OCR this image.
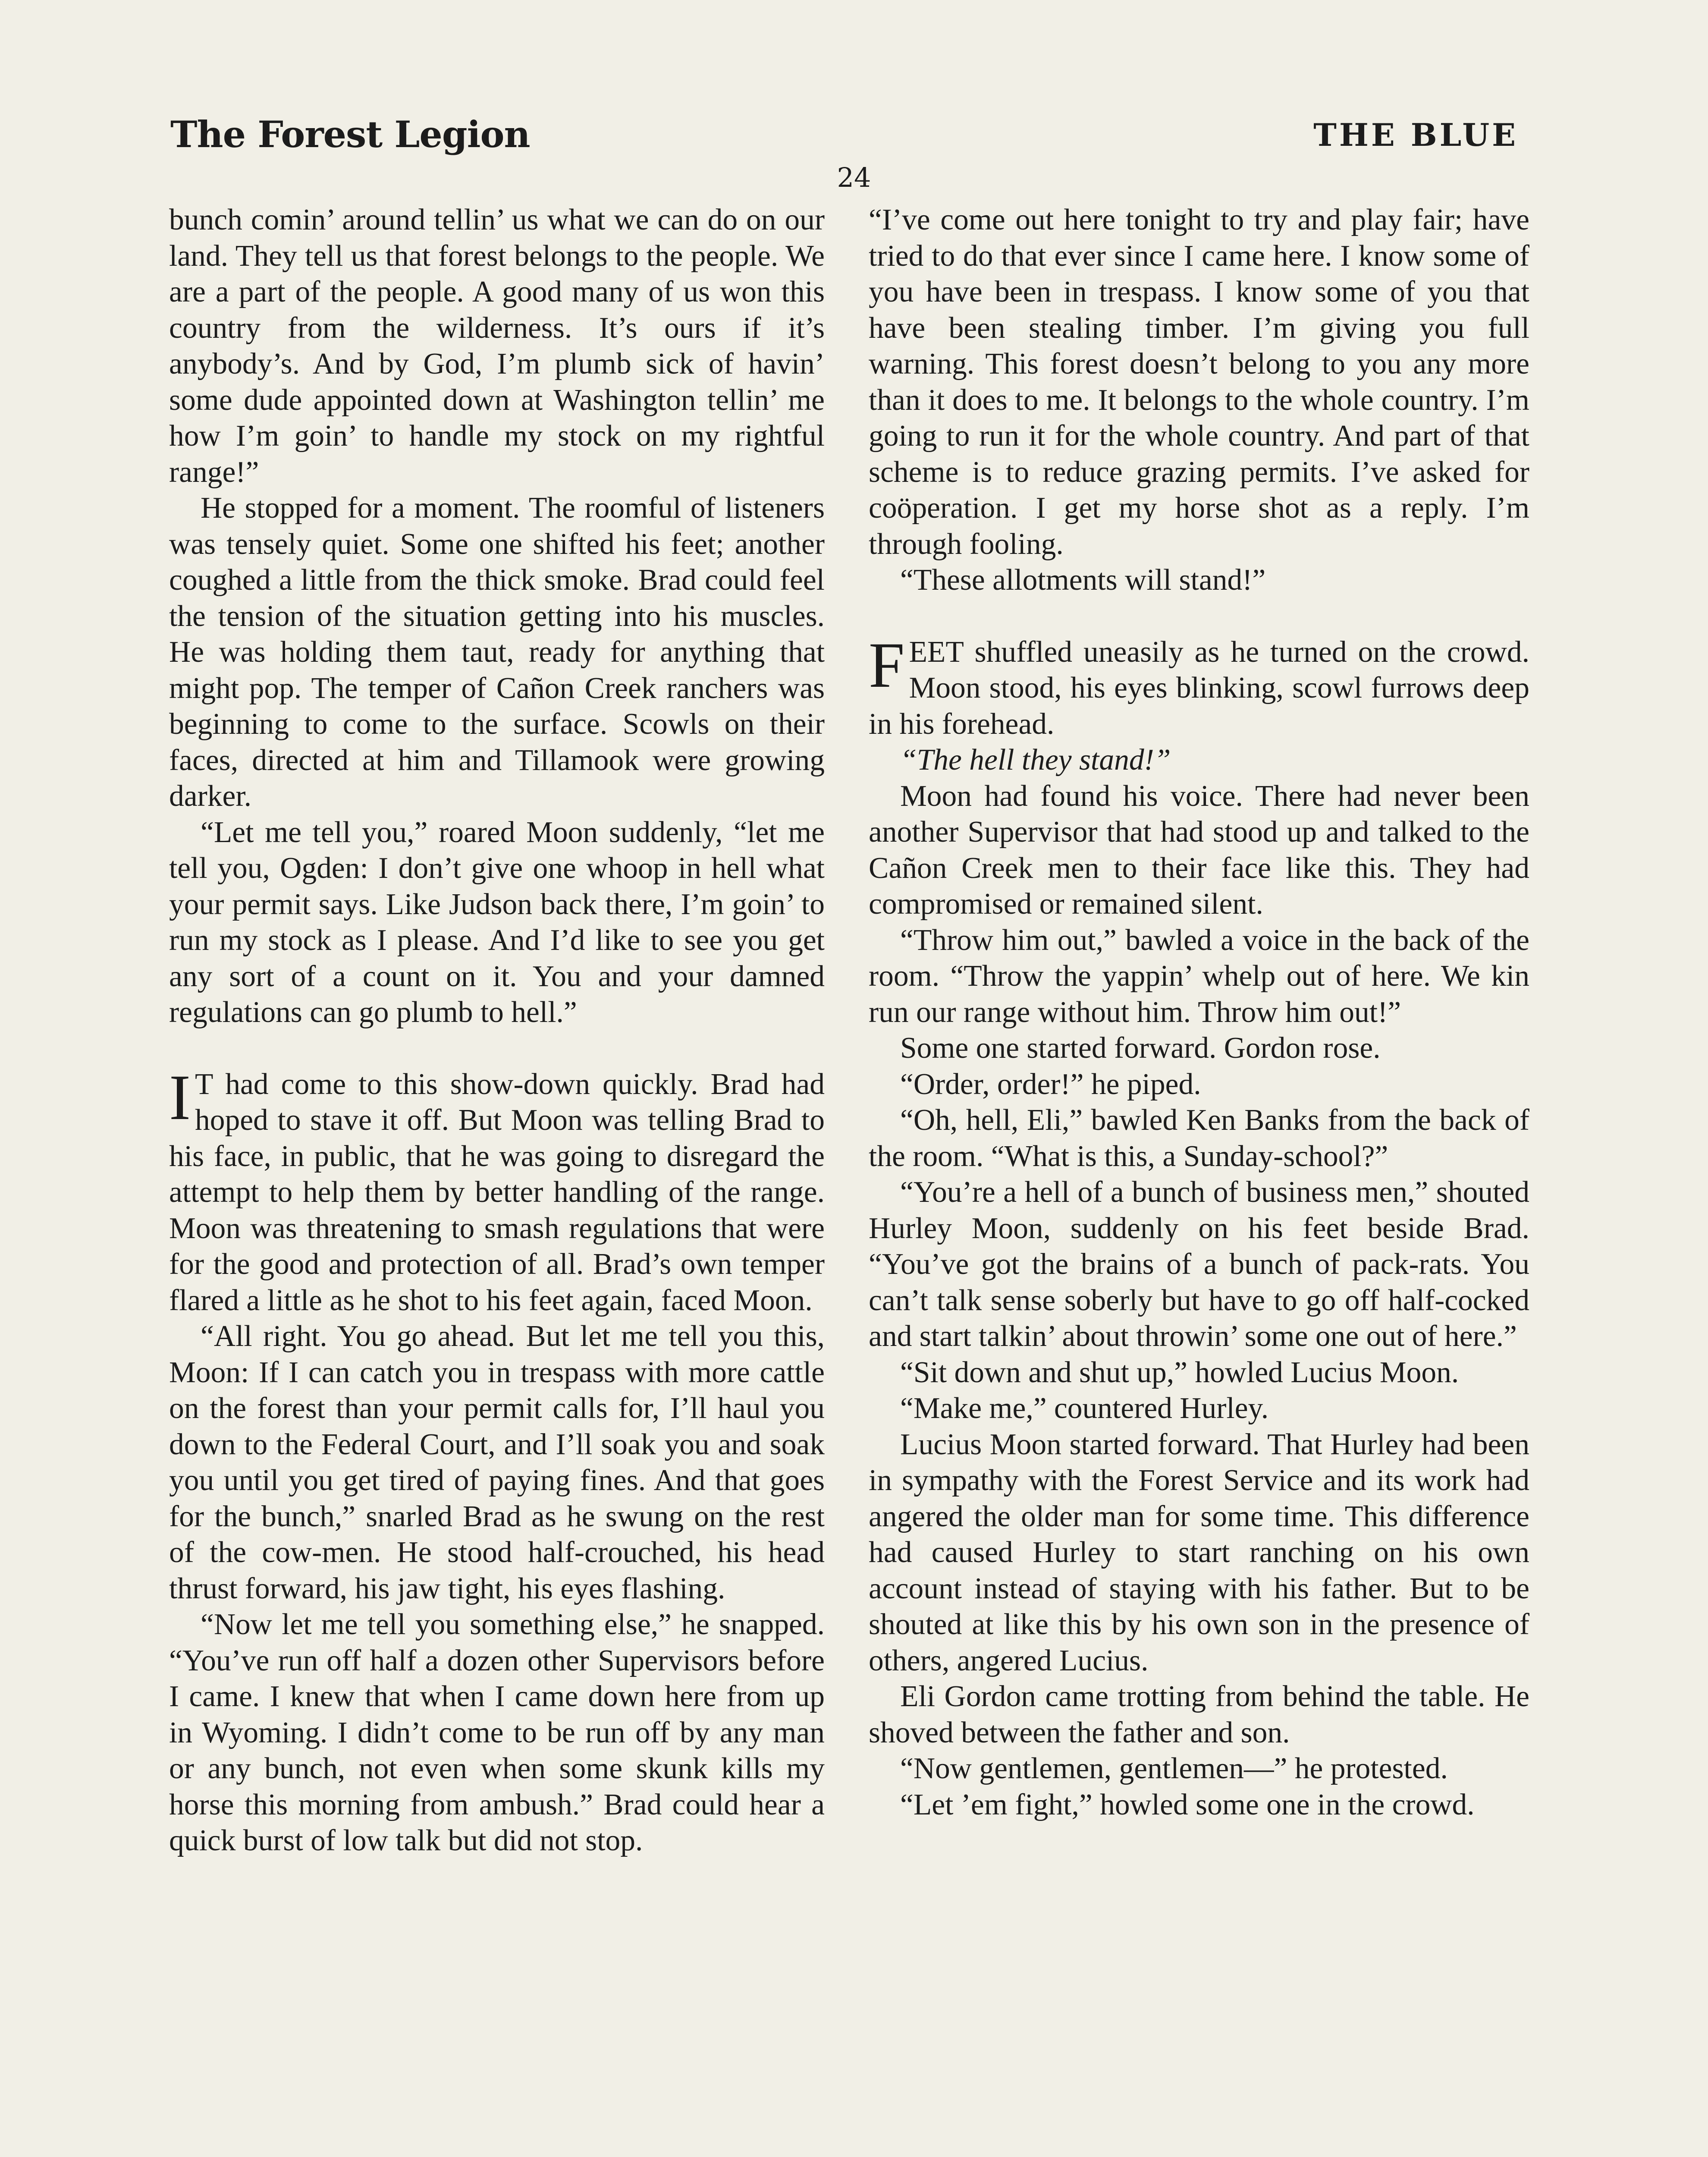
The Forest Legion	THE BLUE
24

bunch comin’ around tellin’ us what we can do on our land. They tell us that forest belongs to the people. We are a part of the people. A good many of us won this country from the wilderness. It’s ours if it’s anybody’s. And by God, I’m plumb sick of havin’ some dude appointed down at Washington tellin’ me how I’m goin’ to handle my stock on my rightful range!”

He stopped for a moment. The roomful of listeners was tensely quiet. Some one shifted his feet; another coughed a little from the thick smoke. Brad could feel the tension of the situation getting into his muscles. He was holding them taut, ready for anything that might pop. The temper of Cañon Creek ranchers was beginning to come to the surface. Scowls on their faces, directed at him and Tillamook were growing darker.

“Let me tell you,” roared Moon suddenly, “let me tell you, Ogden: I don’t give one whoop in hell what your permit says. Like Judson back there, I’m goin’ to run my stock as I please. And I’d like to see you get any sort of a count on it. You and your damned regulations can go plumb to hell.”

I T had come to this show-down quickly. Brad had hoped to stave it off. But Moon was telling Brad to his face, in public, that he was going to disregard the attempt to help them by better handling of the range. Moon was threatening to smash regulations that were for the good and protection of all. Brad’s own temper flared a little as he shot to his feet again, faced Moon.

“All right. You go ahead. But let me tell you this, Moon: If I can catch you in trespass with more cattle on the forest than your permit calls for, I’ll haul you down to the Federal Court, and I’ll soak you and soak you until you get tired of paying fines. And that goes for the bunch,” snarled Brad as he swung on the rest of the cow-men. He stood half-crouched, his head thrust forward, his jaw tight, his eyes flashing.

“Now let me tell you something else,” he snapped. “You’ve run off half a dozen other Supervisors before I came. I knew that when I came down here from up in Wyoming. I didn’t come to be run off by any man or any bunch, not even when some skunk kills my horse this morning from ambush.” Brad could hear a quick burst of low talk but did not stop.

“I’ve come out here tonight to try and play fair; have tried to do that ever since I came here. I know some of you have been in trespass. I know some of you that have been stealing timber. I’m giving you full warning. This forest doesn’t belong to you any more than it does to me. It belongs to the whole country. I’m going to run it for the whole country. And part of that scheme is to reduce grazing permits. I’ve asked for coöperation. I get my horse shot as a reply. I’m through fooling.

“These allotments will stand!”

FEET shuffled uneasily as he turned on the crowd. Moon stood, his eyes blinking, scowl furrows deep in his forehead.

“The hell they stand!”

Moon had found his voice. There had never been another Supervisor that had stood up and talked to the Cañon Creek men to their face like this. They had compromised or remained silent.

“Throw him out,” bawled a voice in the back of the room. “Throw the yappin’ whelp out of here. We kin run our range without him. Throw him out!”

Some one started forward. Gordon rose.

“Order, order!” he piped.

“Oh, hell, Eli,” bawled Ken Banks from the back of the room. “What is this, a Sunday-school?”

“You’re a hell of a bunch of business men,” shouted Hurley Moon, suddenly on his feet beside Brad. “You’ve got the brains of a bunch of pack-rats. You can’t talk sense soberly but have to go off half-cocked and start talkin’ about throwin’ some one out of here.”

“Sit down and shut up,” howled Lucius Moon.

“Make me,” countered Hurley.

Lucius Moon started forward. That Hurley had been in sympathy with the Forest Service and its work had angered the older man for some time. This difference had caused Hurley to start ranching on his own account instead of staying with his father. But to be shouted at like this by his own son in the presence of others, angered Lucius.

Eli Gordon came trotting from behind the table. He shoved between the father and son.

“Now gentlemen, gentlemen—” he protested.

“Let ’em fight,” howled some one in the crowd.
